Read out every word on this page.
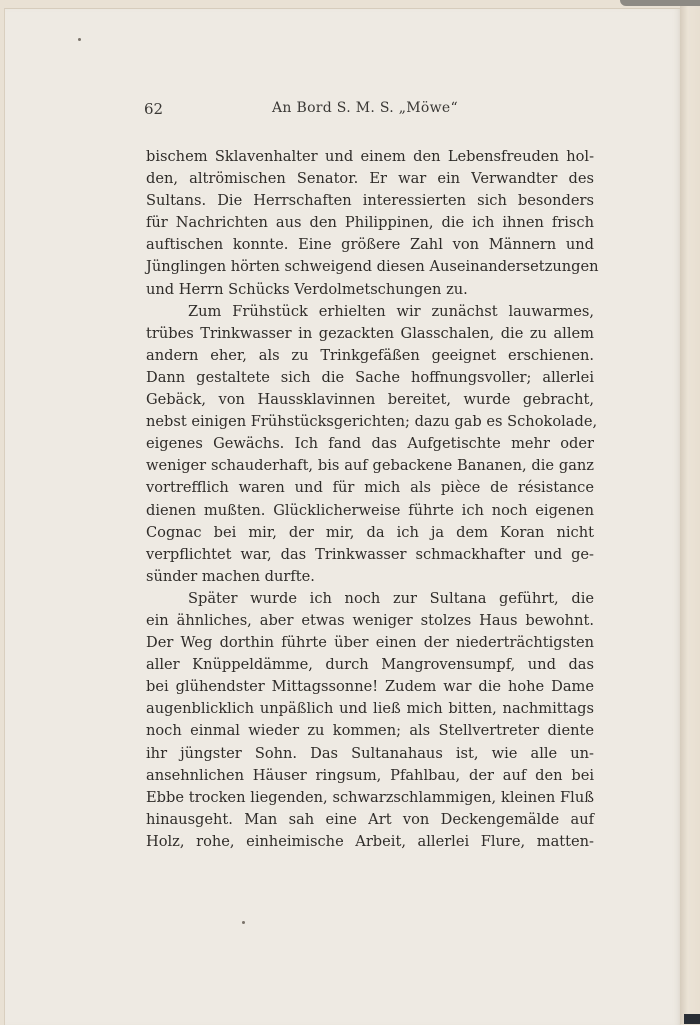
62	An Bord S. M. S. „Möwe“
bischem Sklavenhalter und einem den Lebensfreuden hol-
den, altrömischen Senator. Er war ein Verwandter des
Sultans. Die Herrschaften interessierten sich besonders
für Nachrichten aus den Philippinen, die ich ihnen frisch
auftischen konnte. Eine größere Zahl von Männern und
Jünglingen hörten schweigend diesen Auseinandersetzungen
und Herrn Schücks Verdolmetschungen zu.
Zum Frühstück erhielten wir zunächst lauwarmes,
trübes Trinkwasser in gezackten Glasschalen, die zu allem
andern eher, als zu Trinkgefäßen geeignet erschienen.
Dann gestaltete sich die Sache hoffnungsvoller; allerlei
Gebäck, von Haussklavinnen bereitet, wurde gebracht,
nebst einigen Frühstücksgerichten; dazu gab es Schokolade,
eigenes Gewächs. Ich fand das Aufgetischte mehr oder
weniger schauderhaft, bis auf gebackene Bananen, die ganz
vortrefflich waren und für mich als pièce de résistance
dienen mußten. Glücklicherweise führte ich noch eigenen
Cognac bei mir, der mir, da ich ja dem Koran nicht
verpflichtet war, das Trinkwasser schmackhafter und ge-
sünder machen durfte.
Später wurde ich noch zur Sultana geführt, die
ein ähnliches, aber etwas weniger stolzes Haus bewohnt.
Der Weg dorthin führte über einen der niederträchtigsten
aller Knüppeldämme, durch Mangrovensumpf, und das
bei glühendster Mittagssonne! Zudem war die hohe Dame
augenblicklich unpäßlich und ließ mich bitten, nachmittags
noch einmal wieder zu kommen; als Stellvertreter diente
ihr jüngster Sohn. Das Sultanahaus ist, wie alle un-
ansehnlichen Häuser ringsum, Pfahlbau, der auf den bei
Ebbe trocken liegenden, schwarzschlammigen, kleinen Fluß
hinausgeht. Man sah eine Art von Deckengemälde auf
Holz, rohe, einheimische Arbeit, allerlei Flure, matten-
